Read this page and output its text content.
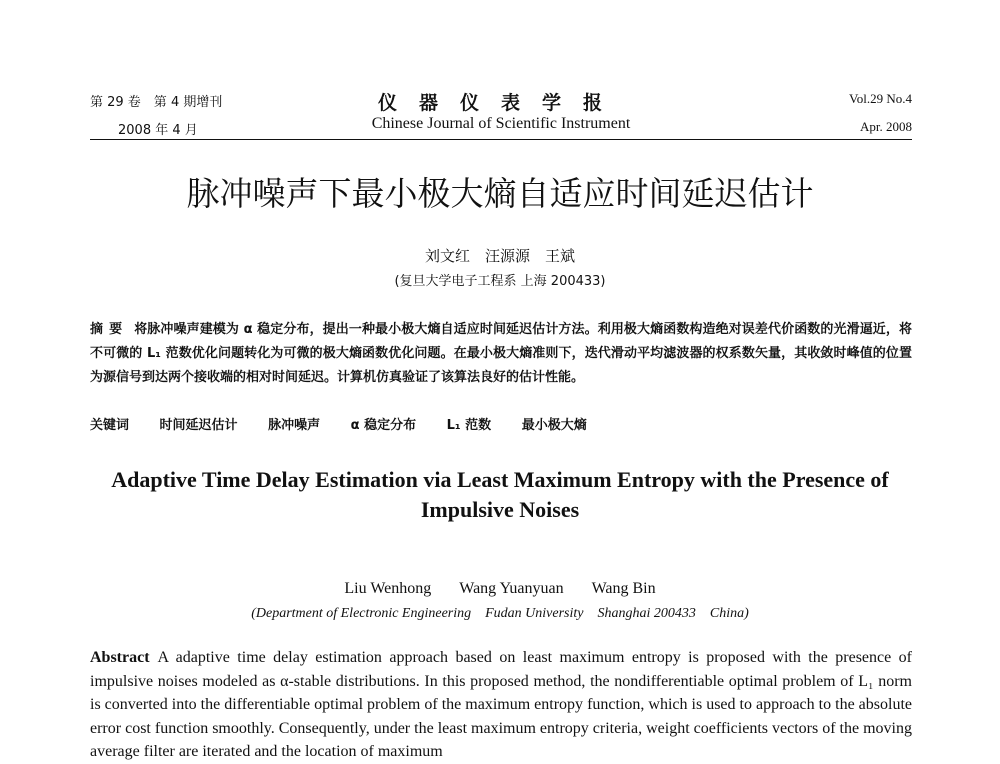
第 29 卷　第 4 期增刊
2008 年 4 月
仪器仪表学报
Chinese Journal of Scientific Instrument
Vol.29 No.4
Apr. 2008
脉冲噪声下最小极大熵自适应时间延迟估计
刘文红　汪源源　王斌
(复旦大学电子工程系 上海 200433)
摘要 将脉冲噪声建模为 α 稳定分布，提出一种最小极大熵自适应时间延迟估计方法。利用极大熵函数构造绝对误差代价函数的光滑逼近，将不可微的 L₁ 范数优化问题转化为可微的极大熵函数优化问题。在最小极大熵准则下，迭代滑动平均滤波器的权系数矢量，其收敛时峰值的位置为源信号到达两个接收端的相对时间延迟。计算机仿真验证了该算法良好的估计性能。
关键词 时间延迟估计 脉冲噪声 α 稳定分布 L₁ 范数 最小极大熵
Adaptive Time Delay Estimation via Least Maximum Entropy with the Presence of Impulsive Noises
Liu Wenhong Wang Yuanyuan Wang Bin
(Department of Electronic Engineering　Fudan University　Shanghai 200433　China)
Abstract A adaptive time delay estimation approach based on least maximum entropy is proposed with the presence of impulsive noises modeled as α-stable distributions. In this proposed method, the nondifferentiable optimal problem of L₁ norm is converted into the differentiable optimal problem of the maximum entropy function, which is used to approach to the absolute error cost function smoothly. Consequently, under the least maximum entropy criteria, weight coefficients vectors of the moving average filter are iterated and the location of maximum
